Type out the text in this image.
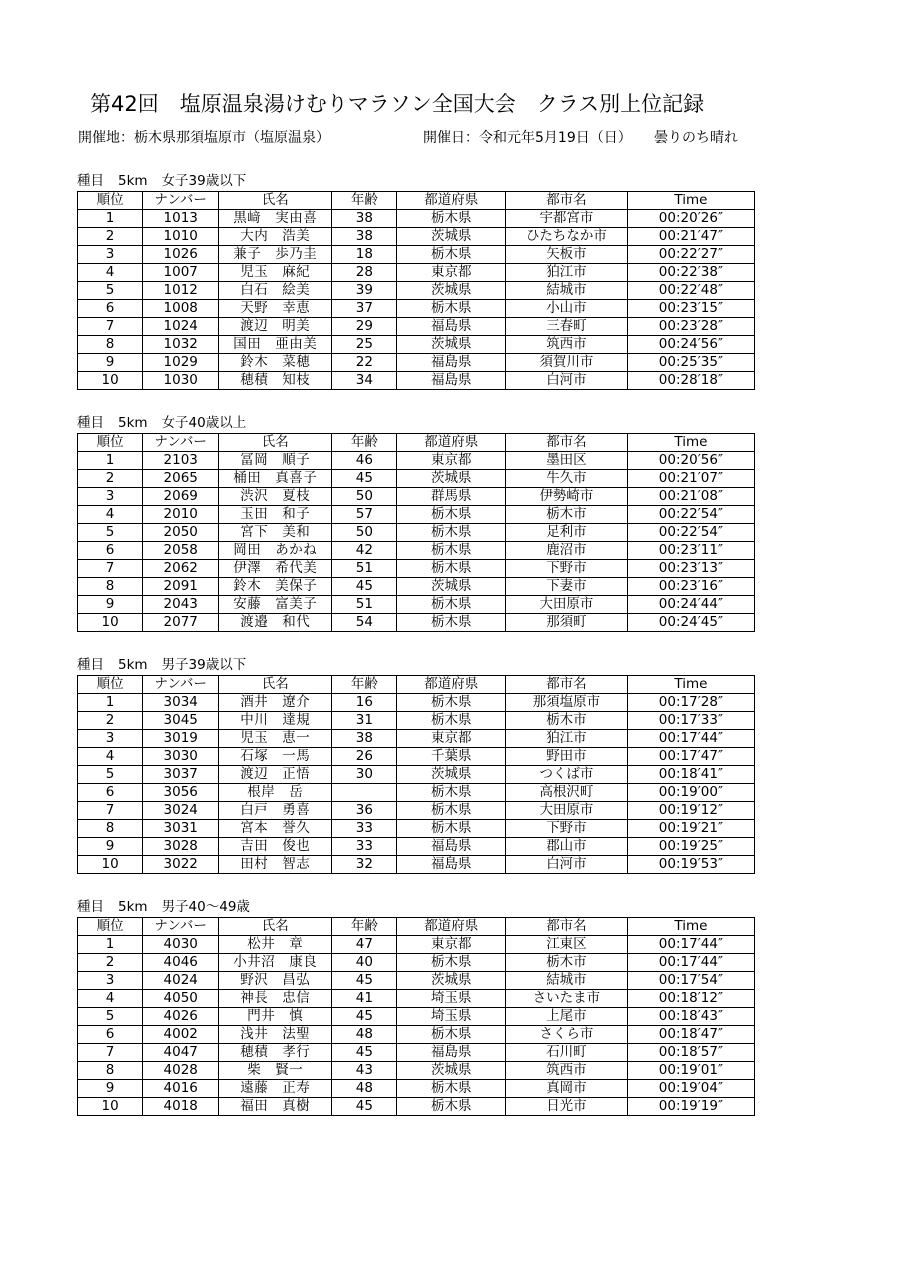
第42回　塩原温泉湯けむりマラソン全国大会　クラス別上位記録
開催地：栃木県那須塩原市（塩原温泉）	開催日：令和元年5月19日（日） 曇りのち晴れ
種目 5km 女子39歳以下
順位	ナンバー	氏名	年齢	都道府県	都市名	Time
1	1013	黒﨑　実由喜	38	栃木県	宇都宮市	00:20′26″
2	1010	大内　浩美	38	茨城県	ひたちなか市	00:21′47″
3	1026	兼子　歩乃圭	18	栃木県	矢板市	00:22′27″
4	1007	児玉　麻紀	28	東京都	狛江市	00:22′38″
5	1012	白石　絵美	39	茨城県	結城市	00:22′48″
6	1008	天野　幸恵	37	栃木県	小山市	00:23′15″
7	1024	渡辺　明美	29	福島県	三春町	00:23′28″
8	1032	国田　亜由美	25	茨城県	筑西市	00:24′56″
9	1029	鈴木　菜穂	22	福島県	須賀川市	00:25′35″
10	1030	穂積　知枝	34	福島県	白河市	00:28′18″
種目 5km 女子40歳以上
順位	ナンバー	氏名	年齢	都道府県	都市名	Time
1	2103	冨岡　順子	46	東京都	墨田区	00:20′56″
2	2065	桶田　真喜子	45	茨城県	牛久市	00:21′07″
3	2069	渋沢　夏枝	50	群馬県	伊勢崎市	00:21′08″
4	2010	玉田　和子	57	栃木県	栃木市	00:22′54″
5	2050	宮下　美和	50	栃木県	足利市	00:22′54″
6	2058	岡田　あかね	42	栃木県	鹿沼市	00:23′11″
7	2062	伊澤　希代美	51	栃木県	下野市	00:23′13″
8	2091	鈴木　美保子	45	茨城県	下妻市	00:23′16″
9	2043	安藤　富美子	51	栃木県	大田原市	00:24′44″
10	2077	渡邉　和代	54	栃木県	那須町	00:24′45″
種目 5km 男子39歳以下
順位	ナンバー	氏名	年齢	都道府県	都市名	Time
1	3034	酒井　遼介	16	栃木県	那須塩原市	00:17′28″
2	3045	中川　達規	31	栃木県	栃木市	00:17′33″
3	3019	児玉　恵一	38	東京都	狛江市	00:17′44″
4	3030	石塚　一馬	26	千葉県	野田市	00:17′47″
5	3037	渡辺　正悟	30	茨城県	つくば市	00:18′41″
6	3056	根岸　岳		栃木県	高根沢町	00:19′00″
7	3024	白戸　勇喜	36	栃木県	大田原市	00:19′12″
8	3031	宮本　誉久	33	栃木県	下野市	00:19′21″
9	3028	吉田　俊也	33	福島県	郡山市	00:19′25″
10	3022	田村　智志	32	福島県	白河市	00:19′53″
種目 5km 男子40〜49歳
順位	ナンバー	氏名	年齢	都道府県	都市名	Time
1	4030	松井　章	47	東京都	江東区	00:17′44″
2	4046	小井沼　康良	40	栃木県	栃木市	00:17′44″
3	4024	野沢　昌弘	45	茨城県	結城市	00:17′54″
4	4050	神長　忠信	41	埼玉県	さいたま市	00:18′12″
5	4026	門井　慎	45	埼玉県	上尾市	00:18′43″
6	4002	浅井　法聖	48	栃木県	さくら市	00:18′47″
7	4047	穂積　孝行	45	福島県	石川町	00:18′57″
8	4028	柴　賢一	43	茨城県	筑西市	00:19′01″
9	4016	遠藤　正寿	48	栃木県	真岡市	00:19′04″
10	4018	福田　真樹	45	栃木県	日光市	00:19′19″
